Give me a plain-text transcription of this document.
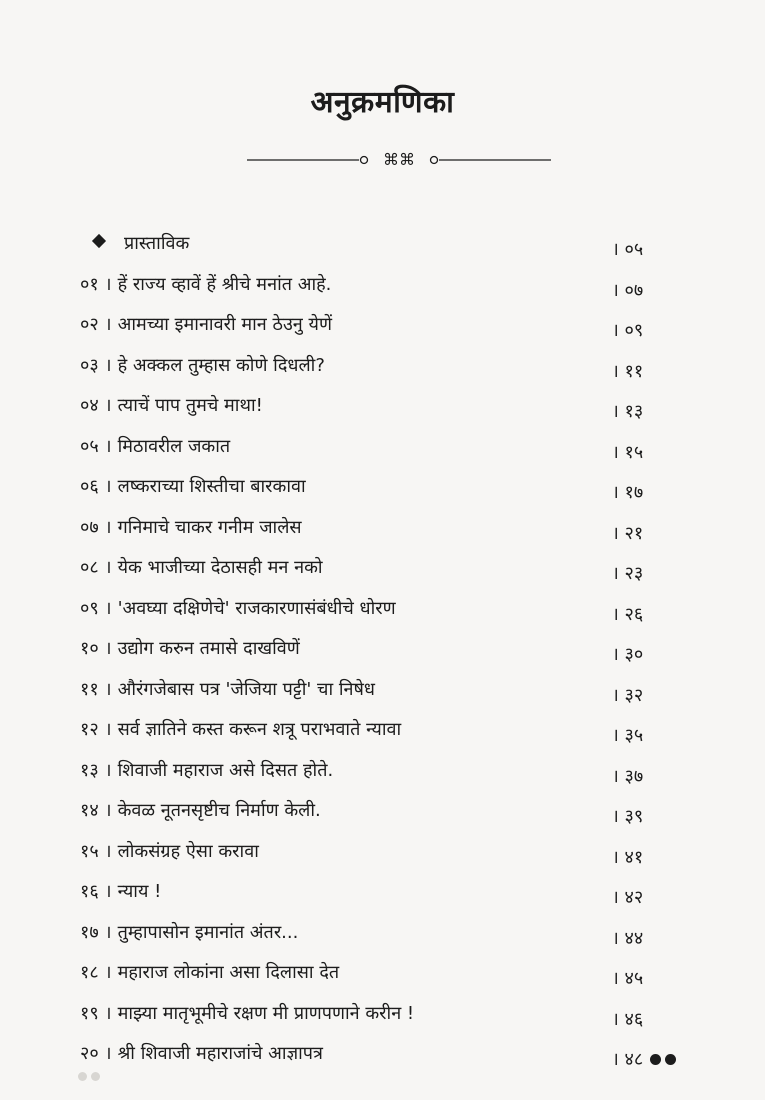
अनुक्रमणिका
⌘⌘
प्रास्ताविक	। ०५
०१ । हें राज्य व्हावें हें श्रीचे मनांत आहे.	। ०७
०२ । आमच्या इमानावरी मान ठेउनु येणें	। ०९
०३ । हे अक्कल तुम्हास कोणे दिधली?	। ११
०४ । त्याचें पाप तुमचे माथा!	। १३
०५ । मिठावरील जकात	। १५
०६ । लष्कराच्या शिस्तीचा बारकावा	। १७
०७ । गनिमाचे चाकर गनीम जालेस	। २१
०८ । येक भाजीच्या देठासही मन नको	। २३
०९ । 'अवघ्या दक्षिणेचे' राजकारणासंबंधीचे धोरण	। २६
१० । उद्योग करुन तमासे दाखविणें	। ३०
११ । औरंगजेबास पत्र 'जेजिया पट्टी' चा निषेध	। ३२
१२ । सर्व ज्ञातिने कस्त करून शत्रू पराभवाते न्यावा	। ३५
१३ । शिवाजी महाराज असे दिसत होते.	। ३७
१४ । केवळ नूतनसृष्टीच निर्माण केली.	। ३९
१५ । लोकसंग्रह ऐसा करावा	। ४१
१६ । न्याय !	। ४२
१७ । तुम्हापासोन इमानांत अंतर...	। ४४
१८ । महाराज लोकांना असा दिलासा देत	। ४५
१९ । माझ्या मातृभूमीचे रक्षण मी प्राणपणाने करीन !	। ४६
२० । श्री शिवाजी महाराजांचे आज्ञापत्र	। ४८
